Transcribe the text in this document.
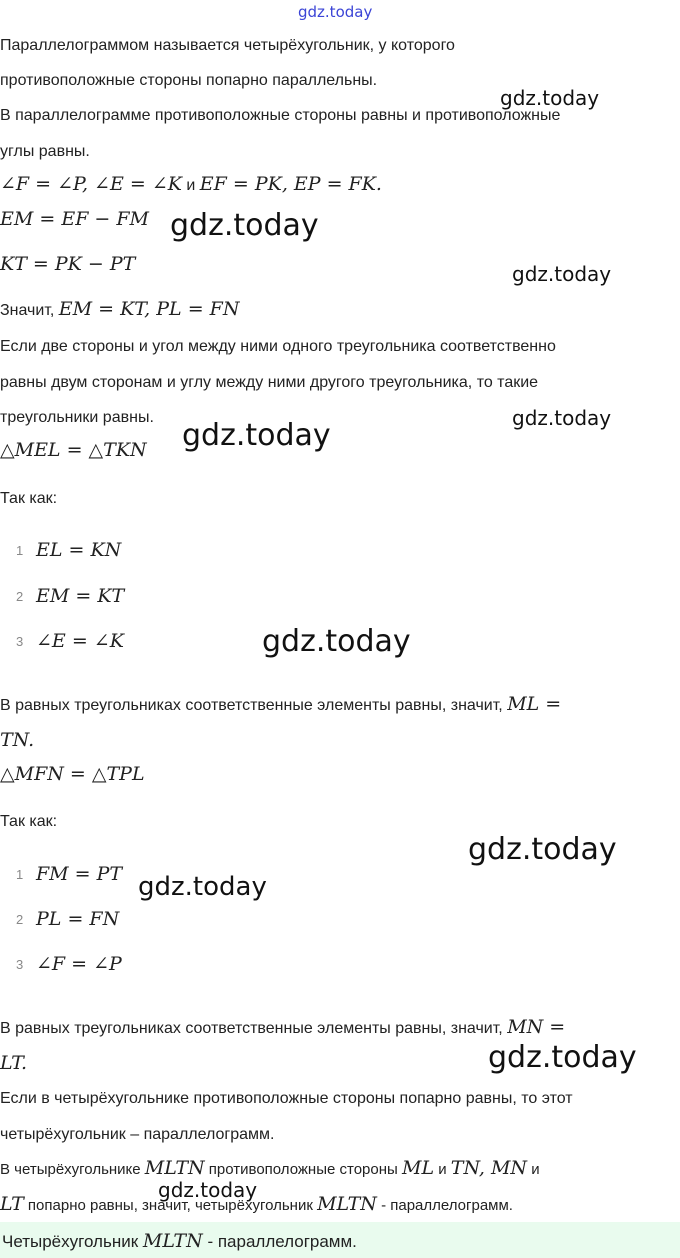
gdz.today
gdz.today
gdz.today
gdz.today
gdz.today
gdz.today
gdz.today
gdz.today
gdz.today
gdz.today
gdz.today
Параллелограммом называется четырёхугольник, у которого
противоположные стороны попарно параллельны.
В параллелограмме противоположные стороны равны и противоположные
углы равны.
∠F = ∠P, ∠E = ∠K и EF = PK, EP = FK.
EM = EF − FM
KT = PK − PT
Значит, EM = KT, PL = FN
Если две стороны и угол между ними одного треугольника соответственно
равны двум сторонам и углу между ними другого треугольника, то такие
треугольники равны.
△MEL = △TKN
Так как:
1 EL = KN
2 EM = KT
3 ∠E = ∠K
В равных треугольниках соответственные элементы равны, значит, ML =
TN.
△MFN = △TPL
Так как:
1 FM = PT
2 PL = FN
3 ∠F = ∠P
В равных треугольниках соответственные элементы равны, значит, MN =
LT.
Если в четырёхугольнике противоположные стороны попарно равны, то этот
четырёхугольник – параллелограмм.
В четырёхугольнике MLTN противоположные стороны ML и TN, MN и
LT попарно равны, значит, четырёхугольник MLTN - параллелограмм.
Четырёхугольник MLTN - параллелограмм.
